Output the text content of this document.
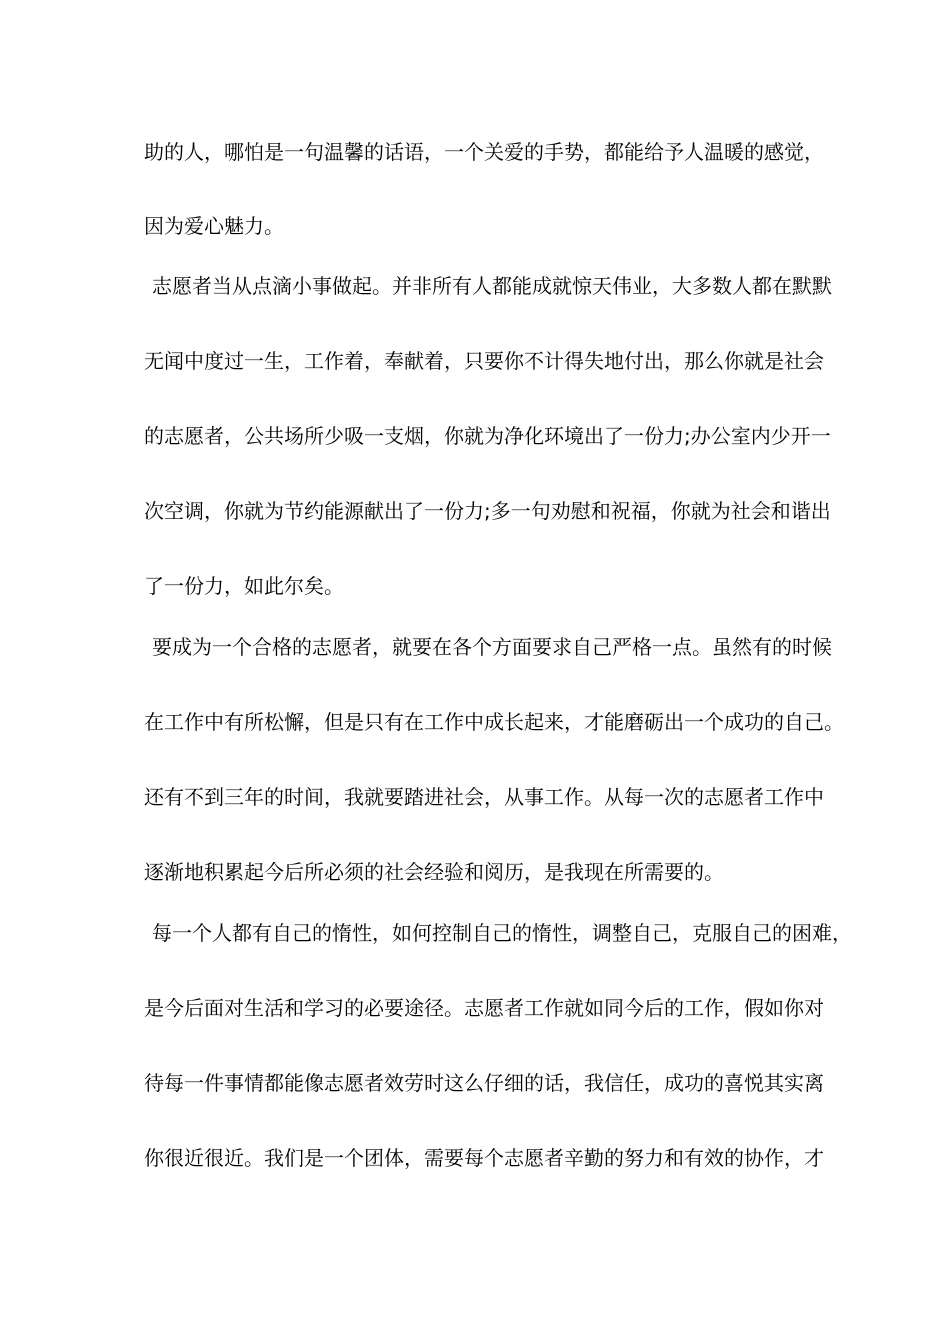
助的人，哪怕是一句温馨的话语，一个关爱的手势，都能给予人温暖的感觉，
因为爱心魅力。
志愿者当从点滴小事做起。并非所有人都能成就惊天伟业，大多数人都在默默
无闻中度过一生，工作着，奉献着，只要你不计得失地付出，那么你就是社会
的志愿者，公共场所少吸一支烟，你就为净化环境出了一份力;办公室内少开一
次空调，你就为节约能源献出了一份力;多一句劝慰和祝福，你就为社会和谐出
了一份力，如此尔矣。
要成为一个合格的志愿者，就要在各个方面要求自己严格一点。虽然有的时候
在工作中有所松懈，但是只有在工作中成长起来，才能磨砺出一个成功的自己。
还有不到三年的时间，我就要踏进社会，从事工作。从每一次的志愿者工作中
逐渐地积累起今后所必须的社会经验和阅历，是我现在所需要的。
每一个人都有自己的惰性，如何控制自己的惰性，调整自己，克服自己的困难，
是今后面对生活和学习的必要途径。志愿者工作就如同今后的工作，假如你对
待每一件事情都能像志愿者效劳时这么仔细的话，我信任，成功的喜悦其实离
你很近很近。我们是一个团体，需要每个志愿者辛勤的努力和有效的协作，才
